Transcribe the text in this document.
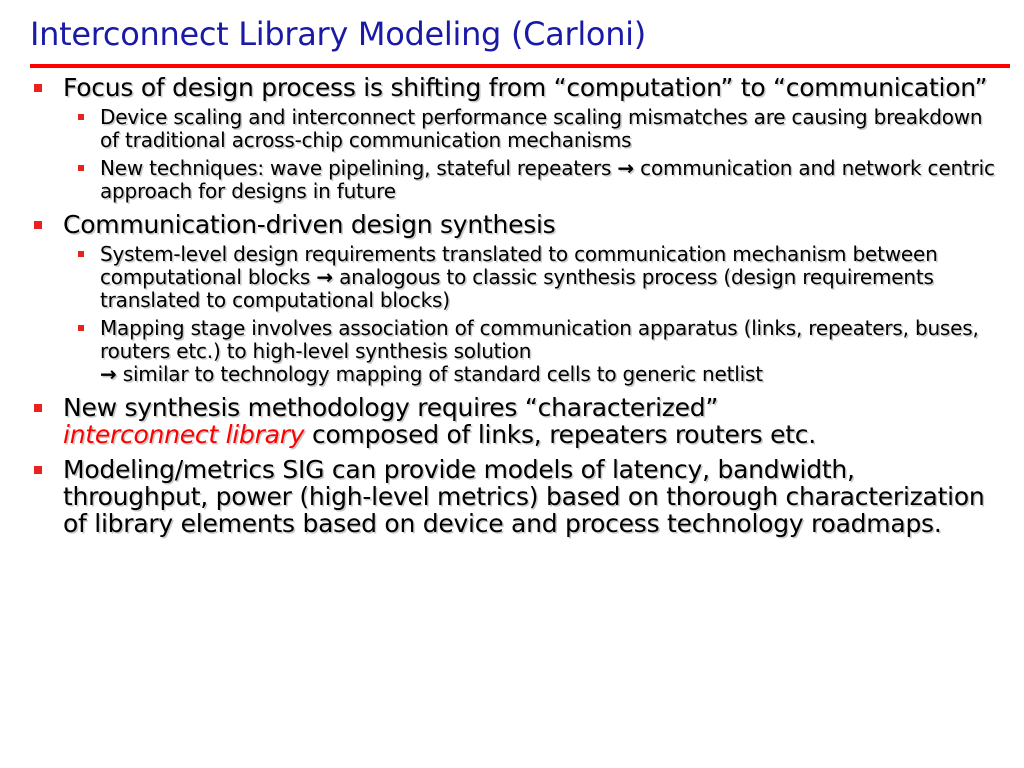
Interconnect Library Modeling (Carloni)
Focus of design process is shifting from “computation” to “communication”
Device scaling and interconnect performance scaling mismatches are causing breakdown of traditional across-chip communication mechanisms
New techniques: wave pipelining, stateful repeaters → communication and network centric approach for designs in future
Communication-driven design synthesis
System-level design requirements translated to communication mechanism between computational blocks → analogous to classic synthesis process (design requirements translated to computational blocks)
Mapping stage involves association of communication apparatus (links, repeaters, buses, routers etc.) to high-level synthesis solution
→ similar to technology mapping of standard cells to generic netlist
New synthesis methodology requires “characterized”
interconnect library composed of links, repeaters routers etc.
Modeling/metrics SIG can provide models of latency, bandwidth, throughput, power (high-level metrics) based on thorough characterization of library elements based on device and process technology roadmaps.
